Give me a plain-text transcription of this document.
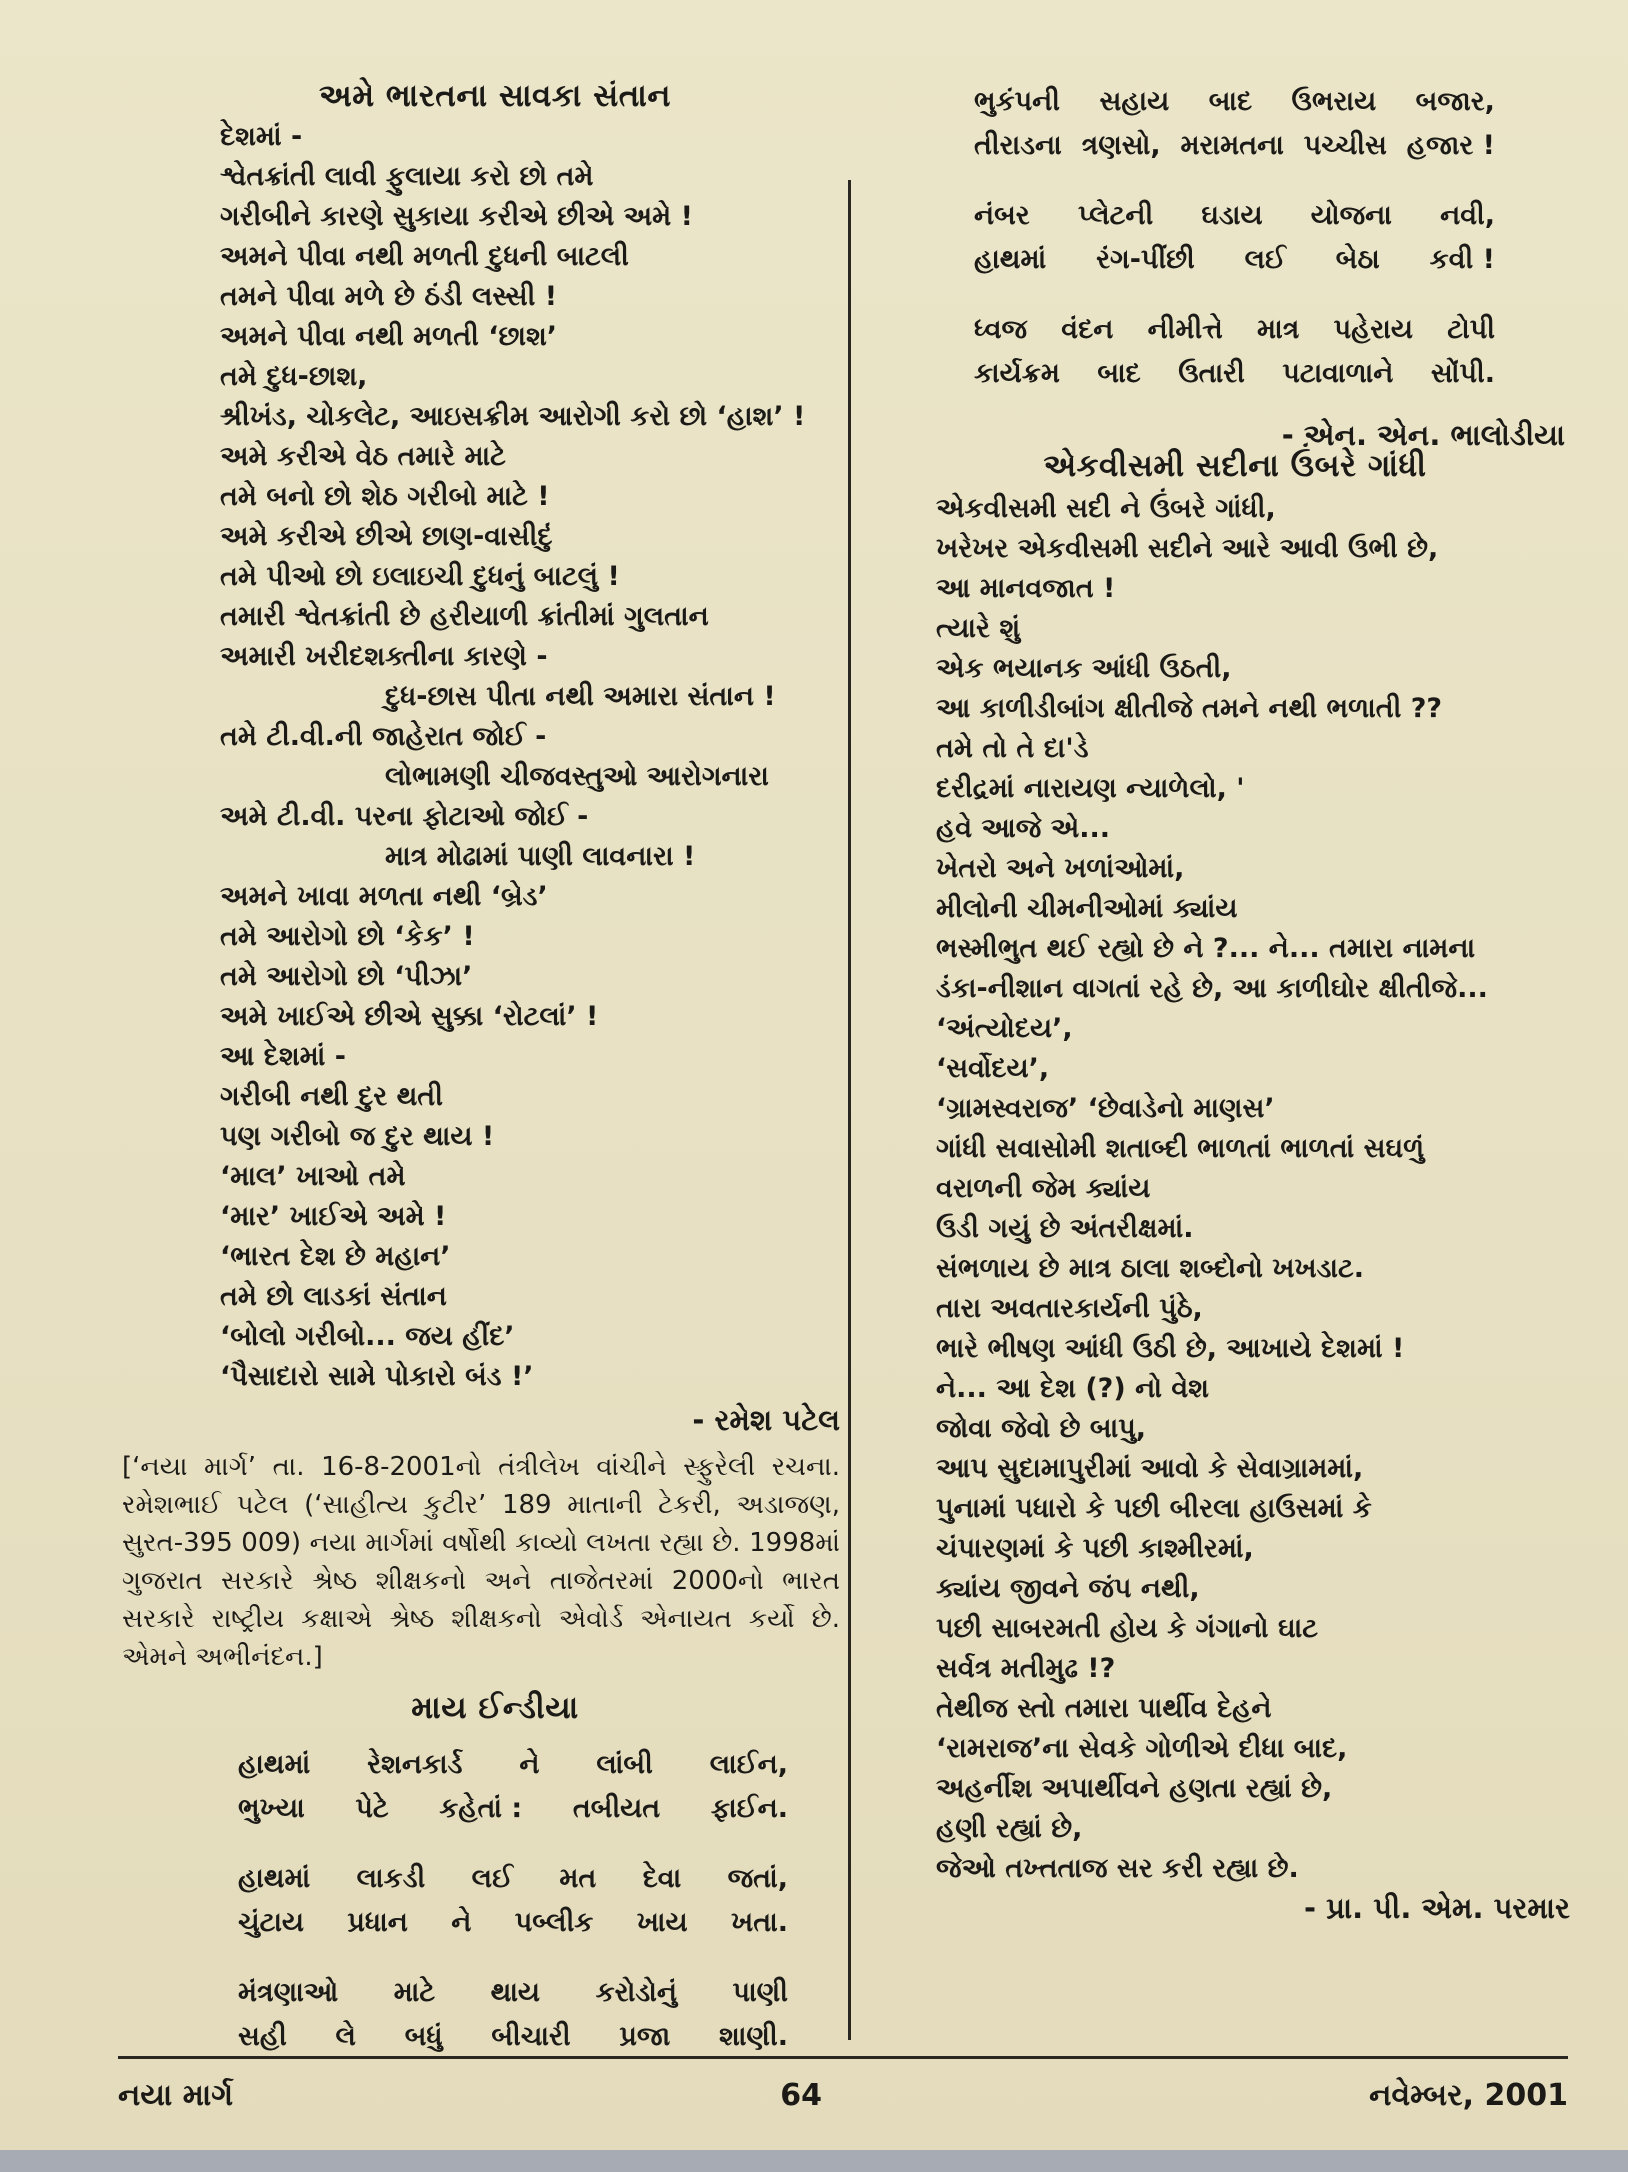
અમે ભારતના સાવકા સંતાન
દેશમાં -
શ્વેતક્રાંતી લાવી ફુલાયા કરો છો તમે
ગરીબીને કારણે સુકાયા કરીએ છીએ અમે !
અમને પીવા નથી મળતી દુધની બાટલી
તમને પીવા મળે છે ઠંડી લસ્સી !
અમને પીવા નથી મળતી ‘છાશ’
તમે દુધ-છાશ,
શ્રીખંડ, ચોકલેટ, આઇસક્રીમ આરોગી કરો છો ‘હાશ’ !
અમે કરીએ વેઠ તમારે માટે
તમે બનો છો શેઠ ગરીબો માટે !
અમે કરીએ છીએ છાણ-વાસીદું
તમે પીઓ છો ઇલાઇચી દુધનું બાટલું !
તમારી શ્વેતક્રાંતી છે હરીયાળી ક્રાંતીમાં ગુલતાન
અમારી ખરીદશક્તીના કારણે -
દુધ-છાસ પીતા નથી અમારા સંતાન !
તમે ટી.વી.ની જાહેરાત જોઈ -
લોભામણી ચીજવસ્તુઓ આરોગનારા
અમે ટી.વી. પરના ફોટાઓ જોઈ -
માત્ર મોઢામાં પાણી લાવનારા !
અમને ખાવા મળતા નથી ‘બ્રેડ’
તમે આરોગો છો ‘કેક’ !
તમે આરોગો છો ‘પીઝા’
અમે ખાઈએ છીએ સુક્કા ‘રોટલાં’ !
આ દેશમાં -
ગરીબી નથી દુર થતી
પણ ગરીબો જ દુર થાય !
‘માલ’ ખાઓ તમે
‘માર’ ખાઈએ અમે !
‘ભારત દેશ છે મહાન’
તમે છો લાડકાં સંતાન
‘બોલો ગરીબો... જય હીંદ’
‘પૈસાદારો સામે પોકારો બંડ !’
- રમેશ પટેલ
[‘નયા માર્ગ’ તા. 16-8-2001નો તંત્રીલેખ વાંચીને સ્ફુરેલી રચના. રમેશભાઈ પટેલ (‘સાહીત્ય કુટીર’ 189 માતાની ટેકરી, અડાજણ, સુરત-395 009) નયા માર્ગમાં વર્ષોથી કાવ્યો લખતા રહ્યા છે. 1998માં ગુજરાત સરકારે શ્રેષ્ઠ શીક્ષકનો અને તાજેતરમાં 2000નો ભારત સરકારે રાષ્ટ્રીય કક્ષાએ શ્રેષ્ઠ શીક્ષકનો એવોર્ડ એનાયત કર્યો છે. એમને અભીનંદન.]
માય ઈન્ડીયા
હાથમાં રેશનકાર્ડ ને લાંબી લાઈન,
ભુખ્યા પેટે કહેતાં : તબીયત ફાઈન.
હાથમાં લાકડી લઈ મત દેવા જતાં,
ચુંટાય પ્રધાન ને પબ્લીક ખાય ખતા.
મંત્રણાઓ માટે થાય કરોડોનું પાણી
સહી લે બધું બીચારી પ્રજા શાણી.
ભુકંપની સહાય બાદ ઉભરાય બજાર,
તીરાડના ત્રણસો, મરામતના પચ્ચીસ હજાર !
નંબર પ્લેટની ઘડાય યોજના નવી,
હાથમાં રંગ-પીંછી લઈ બેઠા કવી !
ધ્વજ વંદન નીમીત્તે માત્ર પહેરાય ટોપી
કાર્યક્રમ બાદ ઉતારી પટાવાળાને સોંપી.
- એન. એન. ભાલોડીયા
એકવીસમી સદીના ઉંબરે ગાંધી
એકવીસમી સદી ને ઉંબરે ગાંધી,
ખરેખર એકવીસમી સદીને આરે આવી ઉભી છે,
આ માનવજાત !
ત્યારે શું
એક ભયાનક આંધી ઉઠતી,
આ કાળીડીબાંગ ક્ષીતીજે તમને નથી ભળાતી ??
તમે તો તે દા'ડે
દરીદ્રમાં નારાયણ ન્યાળેલો, '
હવે આજે એ...
ખેતરો અને ખળાંઓમાં,
મીલોની ચીમનીઓમાં ક્યાંય
ભસ્મીભુત થઈ રહ્યો છે ને ?... ને... તમારા નામના
ડંકા-નીશાન વાગતાં રહે છે, આ કાળીઘોર ક્ષીતીજે...
‘અંત્યોદય’,
‘સર્વોદય’,
‘ગ્રામસ્વરાજ’ ‘છેવાડેનો માણસ’
ગાંધી સવાસોમી શતાબ્દી ભાળતાં ભાળતાં સઘળું
વરાળની જેમ ક્યાંય
ઉડી ગયું છે અંતરીક્ષમાં.
સંભળાય છે માત્ર ઠાલા શબ્દોનો ખખડાટ.
તારા અવતારકાર્યની પુંઠે,
ભારે ભીષણ આંધી ઉઠી છે, આખાયે દેશમાં !
ને... આ દેશ (?) નો વેશ
જોવા જેવો છે બાપુ,
આપ સુદામાપુરીમાં આવો કે સેવાગ્રામમાં,
પુનામાં પધારો કે પછી બીરલા હાઉસમાં કે
ચંપારણમાં કે પછી કાશ્મીરમાં,
ક્યાંય જીવને જંપ નથી,
પછી સાબરમતી હોય કે ગંગાનો ઘાટ
સર્વત્ર મતીમુઢ !?
તેથીજ સ્તો તમારા પાર્થીવ દેહને
‘રામરાજ’ના સેવકે ગોળીએ દીધા બાદ,
અહર્નીશ અપાર્થીવને હણતા રહ્યાં છે,
હણી રહ્યાં છે,
જેઓ તખ્તતાજ સર કરી રહ્યા છે.
- પ્રા. પી. એમ. પરમાર
નયા માર્ગ	64	નવેમ્બર, 2001
